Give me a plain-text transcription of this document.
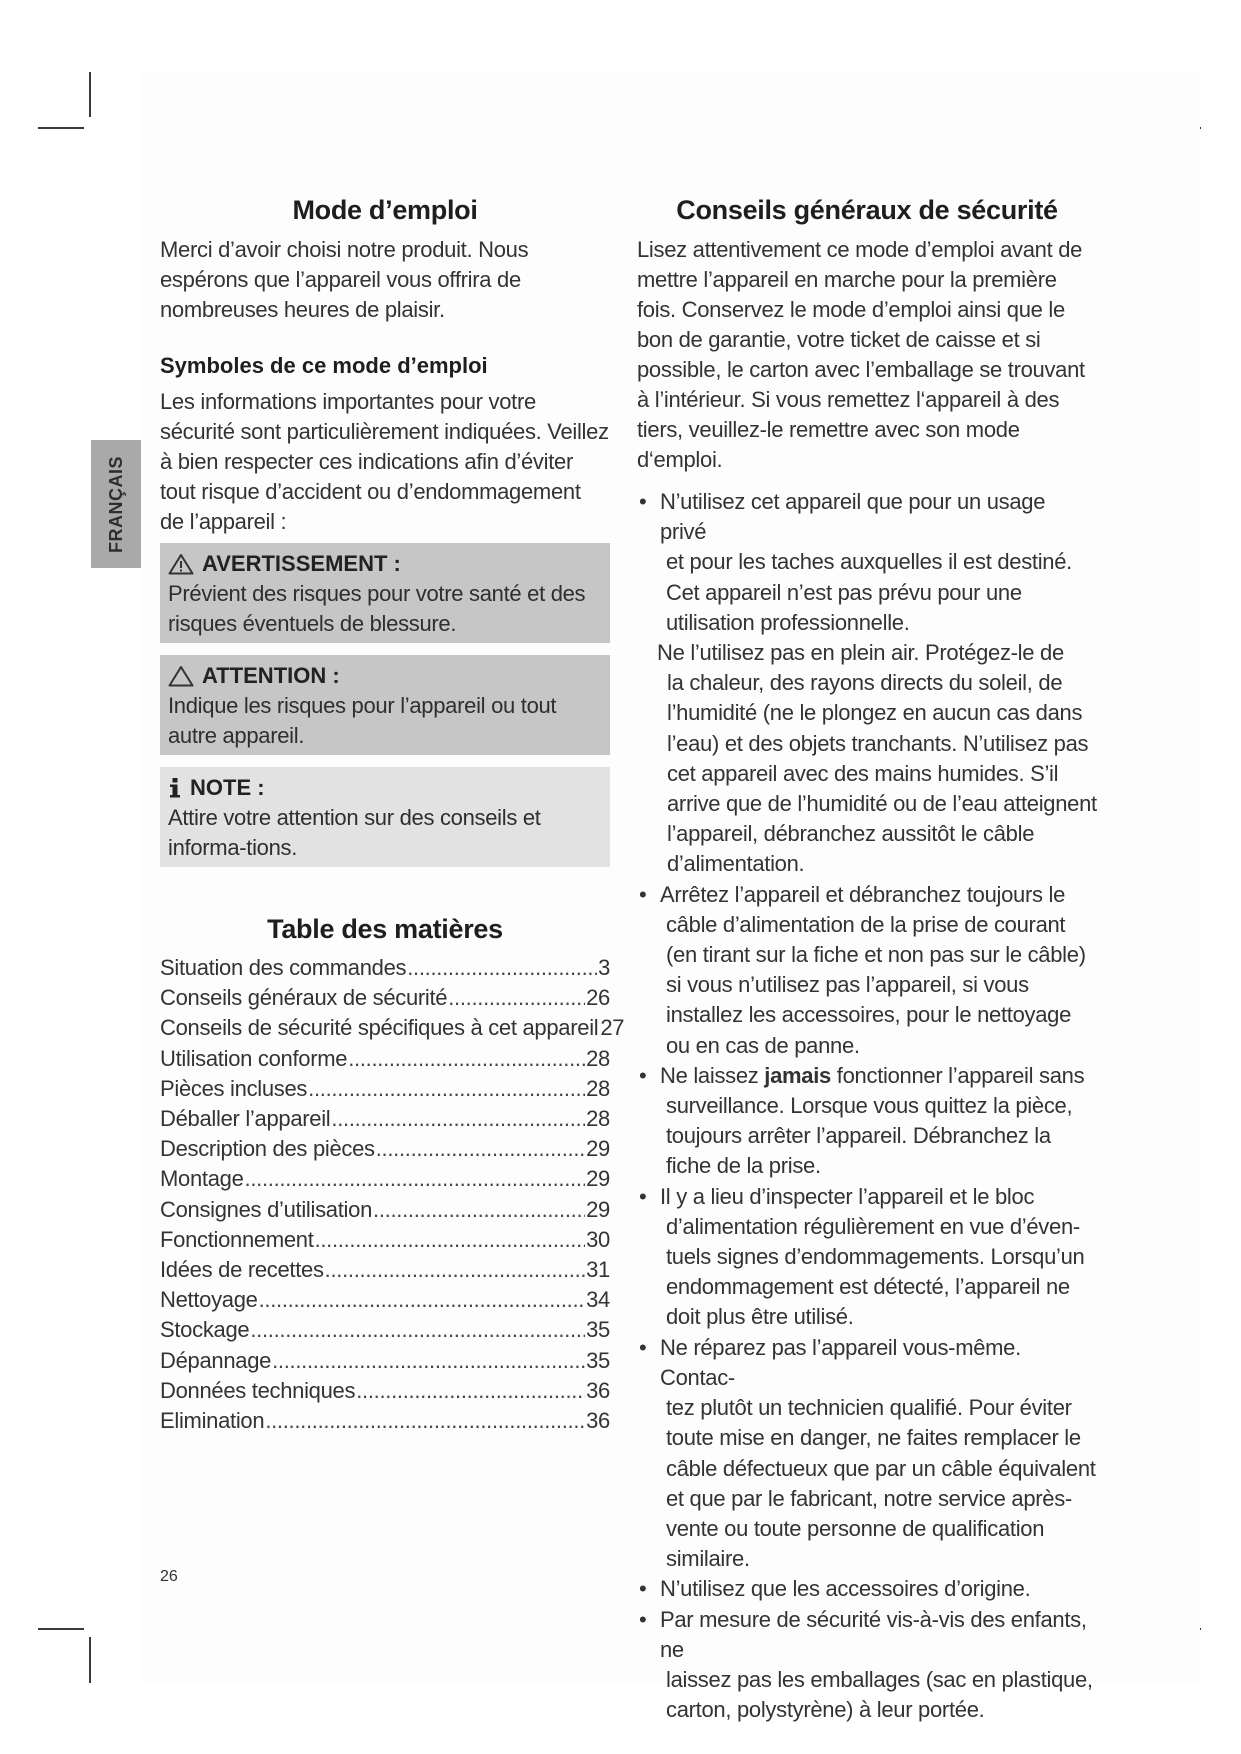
FRANÇAIS
Mode d’emploi

Merci d’avoir choisi notre produit. Nous espérons que l’appareil vous offrira de nombreuses heures de plaisir.

Symboles de ce mode d’emploi

Les informations importantes pour votre sécurité sont particulièrement indiquées. Veillez à bien respecter ces indications afin d’éviter tout risque d’accident ou d’endommagement de l’appareil :

AVERTISSEMENT :

Prévient des risques pour votre santé et des risques éventuels de blessure.

ATTENTION :

Indique les risques pour l’appareil ou tout autre appareil.

NOTE :

Attire votre attention sur des conseils et informa-tions.

Table des matières
Situation des commandes .....	3
Conseils généraux de sécurité .....	26
Conseils de sécurité spécifiques à cet appareil 27
Utilisation conforme .....	28
Pièces incluses .....	28
Déballer l’appareil .....	28
Description des pièces .....	29
Montage .....	29
Consignes d’utilisation .....	29
Fonctionnement .....	30
Idées de recettes .....	31
Nettoyage .....	34
Stockage .....	35
Dépannage .....	35
Données techniques .....	36
Elimination .....	36
Conseils généraux de sécurité

Lisez attentivement ce mode d’emploi avant de mettre l’appareil en marche pour la première fois. Conservez le mode d’emploi ainsi que le bon de garantie, votre ticket de caisse et si possible, le carton avec l’emballage se trouvant à l’intérieur. Si vous remettez l‘appareil à des tiers, veuillez-le remettre avec son mode d‘emploi.

• N’utilisez cet appareil que pour un usage privé
et pour les taches auxquelles il est destiné. Cet appareil n’est pas prévu pour une utilisation professionnelle.
Ne l’utilisez pas en plein air. Protégez-le de
la chaleur, des rayons directs du soleil, de l’humidité (ne le plongez en aucun cas dans l’eau) et des objets tranchants. N’utilisez pas cet appareil avec des mains humides. S’il arrive que de l’humidité ou de l’eau atteignent l’appareil, débranchez aussitôt le câble d’alimentation.
• Arrêtez l’appareil et débranchez toujours le
câble d’alimentation de la prise de courant (en tirant sur la fiche et non pas sur le câble) si vous n’utilisez pas l’appareil, si vous installez les accessoires, pour le nettoyage ou en cas de panne.
• Ne laissez jamais fonctionner l’appareil sans
surveillance. Lorsque vous quittez la pièce, toujours arrêter l’appareil. Débranchez la fiche de la prise.
• Il y a lieu d’inspecter l’appareil et le bloc
d’alimentation régulièrement en vue d’éven-tuels signes d’endommagements. Lorsqu’un endommagement est détecté, l’appareil ne doit plus être utilisé.
• Ne réparez pas l’appareil vous-même. Contac-
tez plutôt un technicien qualifié. Pour éviter toute mise en danger, ne faites remplacer le câble défectueux que par un câble équivalent et que par le fabricant, notre service après-vente ou toute personne de qualification similaire.
• N’utilisez que les accessoires d’origine.
• Par mesure de sécurité vis-à-vis des enfants, ne
laissez pas les emballages (sac en plastique, carton, polystyrène) à leur portée.
26
